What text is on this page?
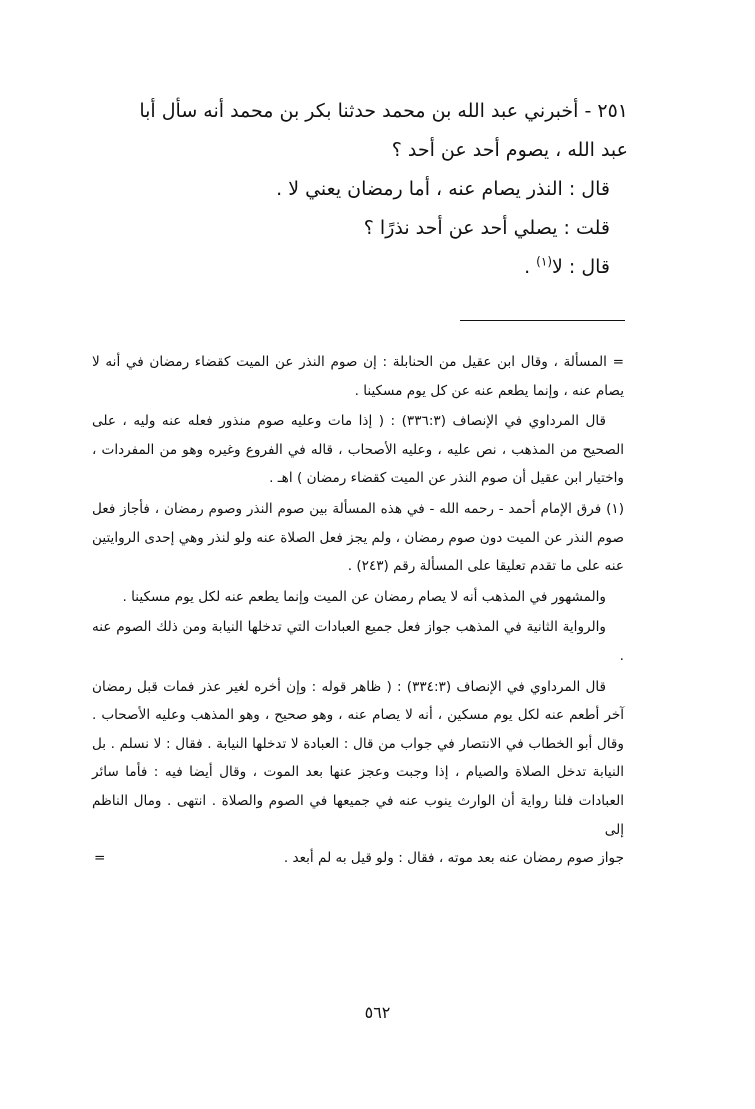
٢٥١ - أخبرني عبد الله بن محمد حدثنا بكر بن محمد أنه سأل أبا

عبد الله ، يصوم أحد عن أحد ؟

قال : النذر يصام عنه ، أما رمضان يعني لا .

قلت : يصلي أحد عن أحد نذرًا ؟

قال : لا$^{(١)}$ .

= المسألة ، وقال ابن عقيل من الحنابلة : إن صوم النذر عن الميت كقضاء رمضان في أنه لا يصام عنه ، وإنما يطعم عنه عن كل يوم مسكينا .

قال المرداوي في الإنصاف (٣٣٦:٣) : ( إذا مات وعليه صوم منذور فعله عنه وليه ، على الصحيح من المذهب ، نص عليه ، وعليه الأصحاب ، قاله في الفروع وغيره وهو من المفردات ، واختيار ابن عقيل أن صوم النذر عن الميت كقضاء رمضان ) اهـ .

(١) فرق الإمام أحمد - رحمه الله - في هذه المسألة بين صوم النذر وصوم رمضان ، فأجاز فعل صوم النذر عن الميت دون صوم رمضان ، ولم يجز فعل الصلاة عنه ولو لنذر وهي إحدى الروايتين عنه على ما تقدم تعليقا على المسألة رقم (٢٤٣) .

والمشهور في المذهب أنه لا يصام رمضان عن الميت وإنما يطعم عنه لكل يوم مسكينا .

والرواية الثانية في المذهب جواز فعل جميع العبادات التي تدخلها النيابة ومن ذلك الصوم عنه .

قال المرداوي في الإنصاف (٣٣٤:٣) : ( ظاهر قوله : وإن أخره لغير عذر فمات قبل رمضان آخر أطعم عنه لكل يوم مسكين ، أنه لا يصام عنه ، وهو صحيح ، وهو المذهب وعليه الأصحاب . وقال أبو الخطاب في الانتصار في جواب من قال : العبادة لا تدخلها النيابة . فقال : لا نسلم . بل النيابة تدخل الصلاة والصيام ، إذا وجبت وعجز عنها بعد الموت ، وقال أيضا فيه : فأما سائر العبادات فلنا رواية أن الوارث ينوب عنه في جميعها في الصوم والصلاة . انتهى . ومال الناظم إلى
جواز صوم رمضان عنه بعد موته ، فقال : ولو قيل به لم أبعد .
=

٥٦٢
